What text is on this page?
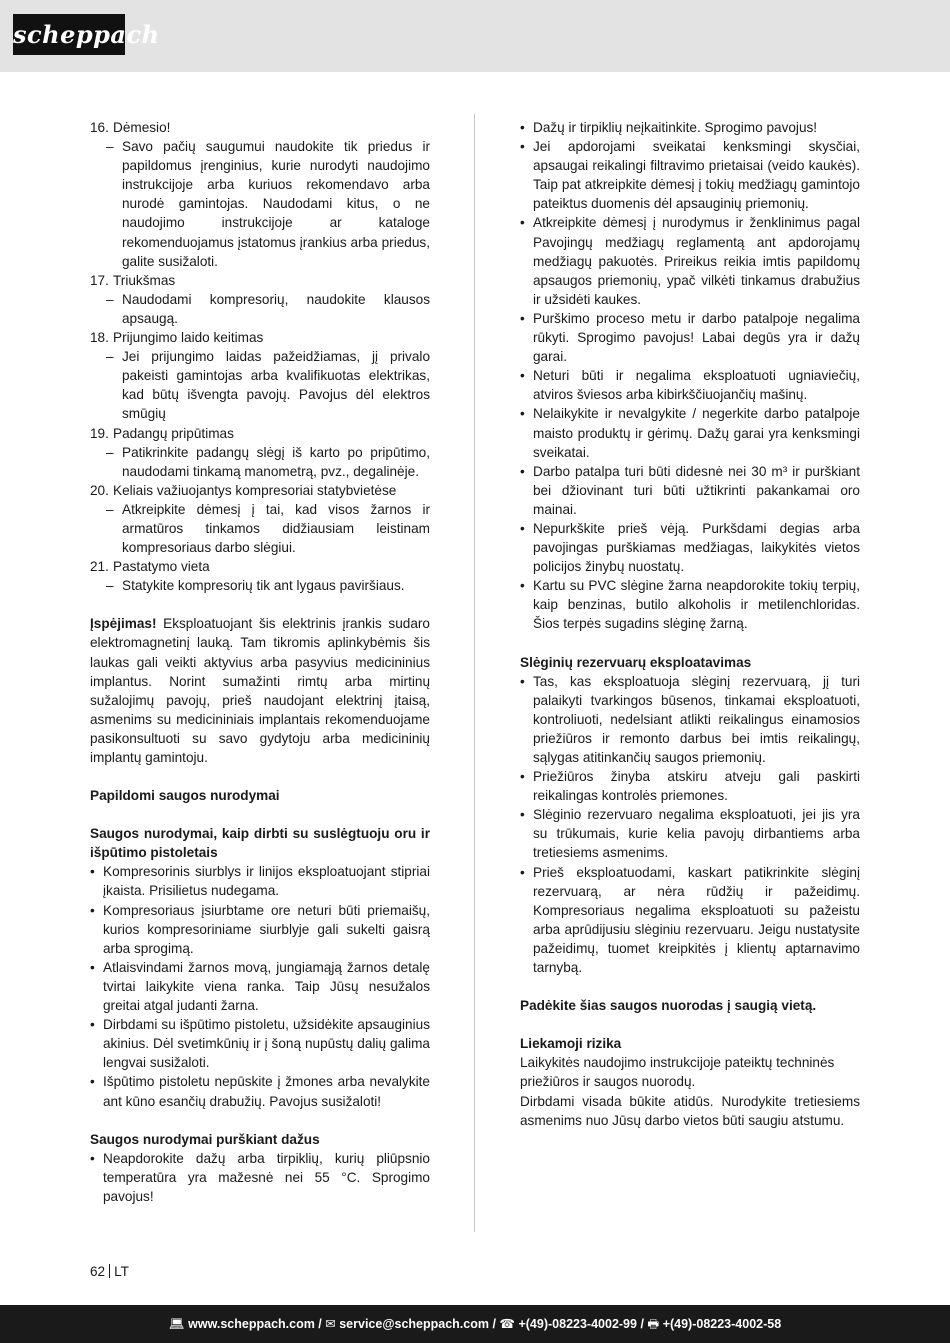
scheppach
16. Dėmesio!
– Savo pačių saugumui naudokite tik priedus ir papildomus įrenginius, kurie nurodyti naudojimo instrukcijoje arba kuriuos rekomendavo arba nurodė gamintojas. Naudodami kitus, o ne naudojimo instrukcijoje ar kataloge rekomenduojamus įstatomus įrankius arba priedus, galite susižaloti.
17. Triukšmas
– Naudodami kompresorių, naudokite klausos apsaugą.
18. Prijungimo laido keitimas
– Jei prijungimo laidas pažeidžiamas, jį privalo pakeisti gamintojas arba kvalifikuotas elektrikas, kad būtų išvengta pavojų. Pavojus dėl elektros smūgių
19. Padangų pripūtimas
– Patikrinkite padangų slėgį iš karto po pripūtimo, naudodami tinkamą manometrą, pvz., degalinėje.
20. Keliais važiuojantys kompresoriai statybvietėse
– Atkreipkite dėmesį į tai, kad visos žarnos ir armatūros tinkamos didžiausiam leistinam kompresoriaus darbo slėgiui.
21. Pastatymo vieta
– Statykite kompresorių tik ant lygaus paviršiaus.
Įspėjimas! Eksploatuojant šis elektrinis įrankis sudaro elektromagnetinį lauką. Tam tikromis aplinkybėmis šis laukas gali veikti aktyvius arba pasyvius medicininius implantus. Norint sumažinti rimtų arba mirtinų sužalojimų pavojų, prieš naudojant elektrinį įtaisą, asmenims su medicininiais implantais rekomenduojame pasikonsultuoti su savo gydytoju arba medicininių implantų gamintoju.
Papildomi saugos nurodymai
Saugos nurodymai, kaip dirbti su suslėgtuoju oru ir išpūtimo pistoletais
• Kompresorinis siurblys ir linijos eksploatuojant stipriai įkaista. Prisilietus nudegama.
• Kompresoriaus įsiurbtame ore neturi būti priemaišų, kurios kompresoriniame siurblyje gali sukelti gaisrą arba sprogimą.
• Atlaisvindami žarnos movą, jungiamąją žarnos detalę tvirtai laikykite viena ranka. Taip Jūsų nesužalos greitai atgal judanti žarna.
• Dirbdami su išpūtimo pistoletu, užsidėkite apsauginius akinius. Dėl svetimkūnių ir į šoną nupūstų dalių galima lengvai susižaloti.
• Išpūtimo pistoletu nepūskite į žmones arba nevalykite ant kūno esančių drabužių. Pavojus susižaloti!
Saugos nurodymai purškiant dažus
• Neapdorokite dažų arba tirpiklių, kurių pliūpsnio temperatūra yra mažesnė nei 55 °C. Sprogimo pavojus!
• Dažų ir tirpiklių neįkaitinkite. Sprogimo pavojus!
• Jei apdorojami sveikatai kenksmingi skysčiai, apsaugai reikalingi filtravimo prietaisai (veido kaukės). Taip pat atkreipkite dėmesį į tokių medžiagų gamintojo pateiktus duomenis dėl apsauginių priemonių.
• Atkreipkite dėmesį į nurodymus ir ženklinimus pagal Pavojingų medžiagų reglamentą ant apdorojamų medžiagų pakuotės. Prireikus reikia imtis papildomų apsaugos priemonių, ypač vilkėti tinkamus drabužius ir užsidėti kaukes.
• Purškimo proceso metu ir darbo patalpoje negalima rūkyti. Sprogimo pavojus! Labai degūs yra ir dažų garai.
• Neturi būti ir negalima eksploatuoti ugniaviečių, atviros šviesos arba kibirkščiuojančių mašinų.
• Nelaikykite ir nevalgykite / negerkite darbo patalpoje maisto produktų ir gėrimų. Dažų garai yra kenksmingi sveikatai.
• Darbo patalpa turi būti didesnė nei 30 m³ ir purškiant bei džiovinant turi būti užtikrinti pakankamai oro mainai.
• Nepurkškite prieš vėją. Purkšdami degias arba pavojingas purškiamas medžiagas, laikykitės vietos policijos žinybų nuostatų.
• Kartu su PVC slėgine žarna neapdorokite tokių terpių, kaip benzinas, butilo alkoholis ir metilenchloridas. Šios terpės sugadins slėginę žarną.
Slėginių rezervuarų eksploatavimas
• Tas, kas eksploatuoja slėginį rezervuarą, jį turi palaikyti tvarkingos būsenos, tinkamai eksploatuoti, kontroliuoti, nedelsiant atlikti reikalingus einamosios priežiūros ir remonto darbus bei imtis reikalingų, sąlygas atitinkančių saugos priemonių.
• Priežiūros žinyba atskiru atveju gali paskirti reikalingas kontrolės priemones.
• Slėginio rezervuaro negalima eksploatuoti, jei jis yra su trūkumais, kurie kelia pavojų dirbantiems arba tretiesiems asmenims.
• Prieš eksploatuodami, kaskart patikrinkite slėginį rezervuarą, ar nėra rūdžių ir pažeidimų. Kompresoriaus negalima eksploatuoti su pažeistu arba aprūdijusiu slėginiu rezervuaru. Jeigu nustatysite pažeidimų, tuomet kreipkitės į klientų aptarnavimo tarnybą.
Padėkite šias saugos nuorodas į saugią vietą.
Liekamoji rizika
Laikykitės naudojimo instrukcijoje pateiktų techninės priežiūros ir saugos nuorodų.
Dirbdami visada būkite atidūs. Nurodykite tretiesiems asmenims nuo Jūsų darbo vietos būti saugiu atstumu.
62 LT
💻︎ www.scheppach.com / ✉︎ service@scheppach.com / ☎︎ +(49)-08223-4002-99 / 🖶︎ +(49)-08223-4002-58
